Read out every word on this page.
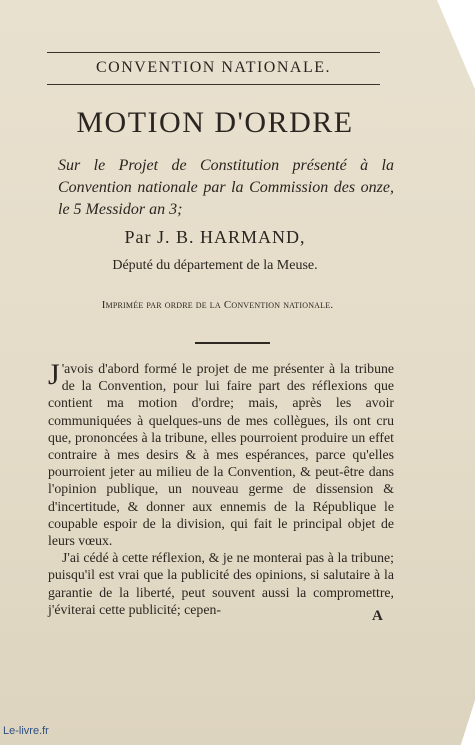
CONVENTION NATIONALE.
MOTION D'ORDRE
Sur le Projet de Constitution présenté à la Convention nationale par la Commission des onze, le 5 Messidor an 3;
Par J. B. HARMAND,
Député du département de la Meuse.
Imprimée par ordre de la Convention nationale.

J 'avois d'abord formé le projet de me présenter à la tribune de la Convention, pour lui faire part des réflexions que contient ma motion d'ordre; mais, après les avoir communiquées à quelques-uns de mes collègues, ils ont cru que, prononcées à la tribune, elles pourroient produire un effet contraire à mes desirs & à mes espérances, parce qu'elles pourroient jeter au milieu de la Convention, & peut-être dans l'opinion publique, un nouveau germe de dissension & d'incertitude, & donner aux ennemis de la République le coupable espoir de la division, qui fait le principal objet de leurs vœux.

J'ai cédé à cette réflexion, & je ne monterai pas à la tribune; puisqu'il est vrai que la publicité des opinions, si salutaire à la garantie de la liberté, peut souvent aussi la compromettre, j'éviterai cette publicité; cepen-	A
Le-livre.fr
